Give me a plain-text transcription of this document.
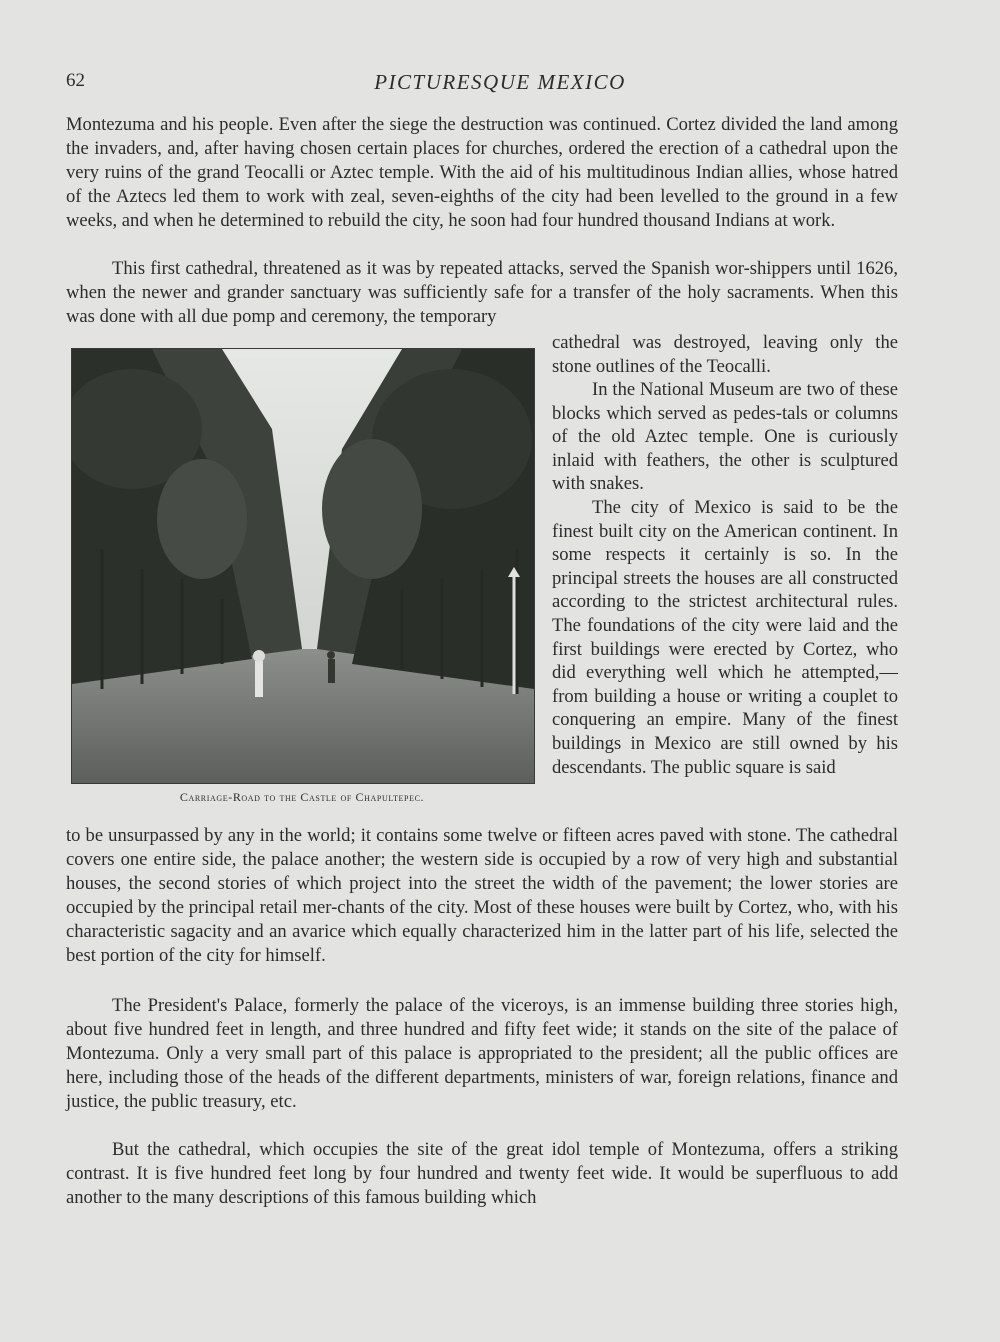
62	PICTURESQUE MEXICO

Montezuma and his people. Even after the siege the destruction was continued. Cortez divided the land among the invaders, and, after having chosen certain places for churches, ordered the erection of a cathedral upon the very ruins of the grand Teocalli or Aztec temple. With the aid of his multitudinous Indian allies, whose hatred of the Aztecs led them to work with zeal, seven-eighths of the city had been levelled to the ground in a few weeks, and when he determined to rebuild the city, he soon had four hundred thousand Indians at work.

This first cathedral, threatened as it was by repeated attacks, served the Spanish wor-shippers until 1626, when the newer and grander sanctuary was sufficiently safe for a transfer of the holy sacraments. When this was done with all due pomp and ceremony, the temporary

cathedral was destroyed, leaving only the stone outlines of the Teocalli.

In the National Museum are two of these blocks which served as pedes-tals or columns of the old Aztec temple. One is curiously inlaid with feathers, the other is sculptured with snakes.

The city of Mexico is said to be the finest built city on the American continent. In some respects it certainly is so. In the principal streets the houses are all constructed according to the strictest architectural rules. The foundations of the city were laid and the first buildings were erected by Cortez, who did everything well which he attempted,—from building a house or writing a couplet to conquering an empire. Many of the finest buildings in Mexico are still owned by his descendants. The public square is said

to be unsurpassed by any in the world; it contains some twelve or fifteen acres paved with stone. The cathedral covers one entire side, the palace another; the western side is occupied by a row of very high and substantial houses, the second stories of which project into the street the width of the pavement; the lower stories are occupied by the principal retail mer-chants of the city. Most of these houses were built by Cortez, who, with his characteristic sagacity and an avarice which equally characterized him in the latter part of his life, selected the best portion of the city for himself.

The President's Palace, formerly the palace of the viceroys, is an immense building three stories high, about five hundred feet in length, and three hundred and fifty feet wide; it stands on the site of the palace of Montezuma. Only a very small part of this palace is appropriated to the president; all the public offices are here, including those of the heads of the different departments, ministers of war, foreign relations, finance and justice, the public treasury, etc.

But the cathedral, which occupies the site of the great idol temple of Montezuma, offers a striking contrast. It is five hundred feet long by four hundred and twenty feet wide. It would be superfluous to add another to the many descriptions of this famous building which

Carriage-Road to the Castle of Chapultepec.
